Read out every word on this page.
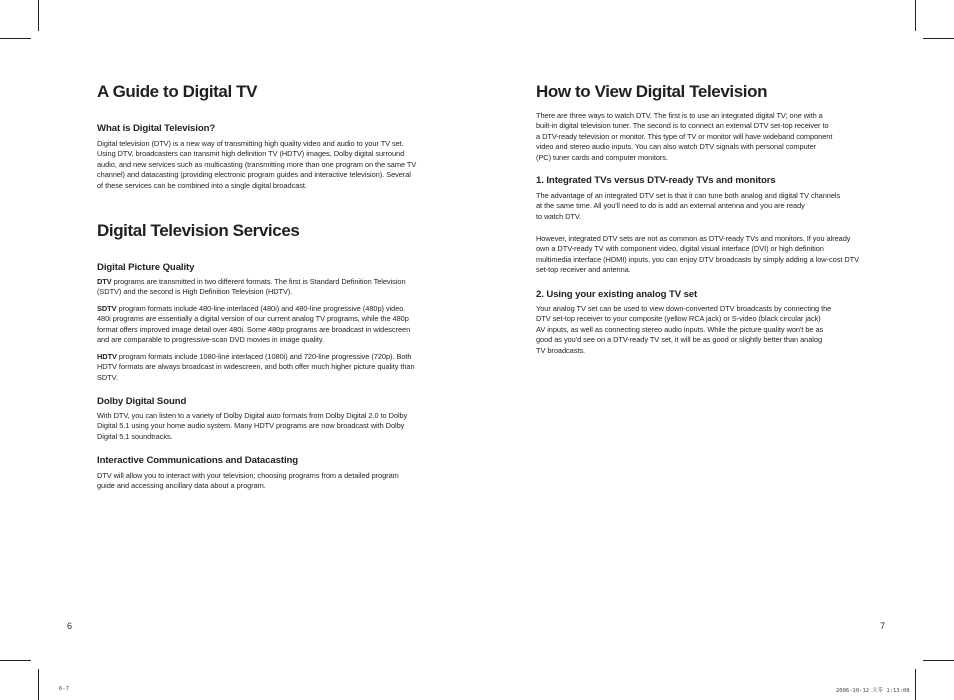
A Guide to Digital TV
What is Digital Television?

Digital television (DTV) is a new way of transmitting high quality video and audio to your TV set.
Using DTV, broadcasters can transmit high definition TV (HDTV) images, Dolby digital surround
audio, and new services such as multicasting (transmitting more than one program on the same TV
channel) and datacasting (providing electronic program guides and interactive television). Several
of these services can be combined into a single digital broadcast.

Digital Television Services
Digital Picture Quality

DTV programs are transmitted in two different formats. The first is Standard Definition Television
(SDTV) and the second is High Definition Television (HDTV).

SDTV program formats include 480-line interlaced (480i) and 480-line progressive (480p) video.
480i programs are essentially a digital version of our current analog TV programs, while the 480p
format offers improved image detail over 480i. Some 480p programs are broadcast in widescreen
and are comparable to progressive-scan DVD movies in image quality.

HDTV program formats include 1080-line interlaced (1080i) and 720-line progressive (720p). Both
HDTV formats are always broadcast in widescreen, and both offer much higher picture quality than
SDTV.

Dolby Digital Sound

With DTV, you can listen to a variety of Dolby Digital auto formats from Dolby Digital 2.0 to Dolby
Digital 5.1 using your home audio system. Many HDTV programs are now broadcast with Dolby
Digital 5.1 soundtracks.

Interactive Communications and Datacasting

DTV will allow you to interact with your television; choosing programs from a detailed program
guide and accessing ancillary data about a program.

6
How to View Digital Television

There are three ways to watch DTV. The first is to use an integrated digital TV; one with a
built-in digital television tuner. The second is to connect an external DTV set-top receiver to
a DTV-ready television or monitor. This type of TV or monitor will have wideband component
video and stereo audio inputs. You can also watch DTV signals with personal computer
(PC) tuner cards and computer monitors.

1. Integrated TVs versus DTV-ready TVs and monitors

The advantage of an integrated DTV set is that it can tune both analog and digital TV channels
at the same time. All you'll need to do is add an external antenna and you are ready
to watch DTV.

However, integrated DTV sets are not as common as DTV-ready TVs and monitors. If you already
own a DTV-ready TV with component video, digital visual interface (DVI) or high definition
multimedia interface (HDMI) inputs, you can enjoy DTV broadcasts by simply adding a low-cost DTV
set-top receiver and antenna.

2. Using your existing analog TV set

Your analog TV set can be used to view down-converted DTV broadcasts by connecting the
DTV set-top receiver to your composite (yellow RCA jack) or S-video (black circular jack)
AV inputs, as well as connecting stereo audio inputs. While the picture quality won't be as
good as you'd see on a DTV-ready TV set, it will be as good or slightly better than analog
TV broadcasts.

7
6-7	2006-10-12 오후 1:13:08
